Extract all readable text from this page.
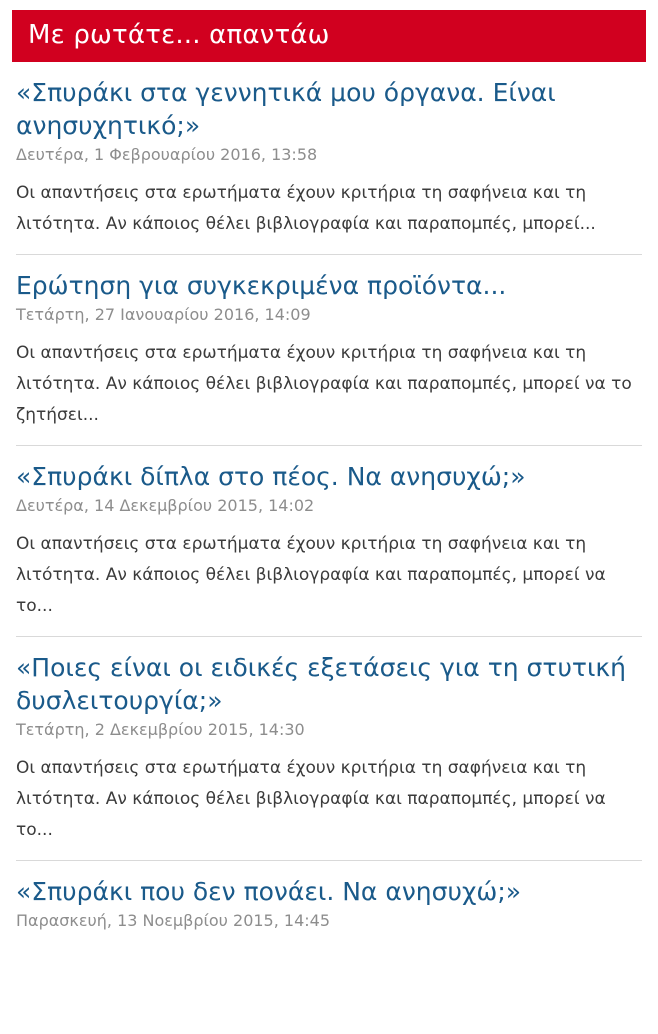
Με ρωτάτε... απαντάω
«Σπυράκι στα γεννητικά μου όργανα. Είναι ανησυχητικό;»
Δευτέρα, 1 Φεβρουαρίου 2016, 13:58

Οι απαντήσεις στα ερωτήματα έχουν κριτήρια τη σαφήνεια και τη λιτότητα. Αν κάποιος θέλει βιβλιογραφία και παραπομπές, μπορεί...

Ερώτηση για συγκεκριμένα προϊόντα...
Τετάρτη, 27 Ιανουαρίου 2016, 14:09

Οι απαντήσεις στα ερωτήματα έχουν κριτήρια τη σαφήνεια και τη λιτότητα. Αν κάποιος θέλει βιβλιογραφία και παραπομπές, μπορεί να το ζητήσει...

«Σπυράκι δίπλα στο πέος. Να ανησυχώ;»
Δευτέρα, 14 Δεκεμβρίου 2015, 14:02

Οι απαντήσεις στα ερωτήματα έχουν κριτήρια τη σαφήνεια και τη λιτότητα. Αν κάποιος θέλει βιβλιογραφία και παραπομπές, μπορεί να το...

«Ποιες είναι οι ειδικές εξετάσεις για τη στυτική δυσλειτουργία;»
Τετάρτη, 2 Δεκεμβρίου 2015, 14:30

Οι απαντήσεις στα ερωτήματα έχουν κριτήρια τη σαφήνεια και τη λιτότητα. Αν κάποιος θέλει βιβλιογραφία και παραπομπές, μπορεί να το...

«Σπυράκι που δεν πονάει. Να ανησυχώ;»
Παρασκευή, 13 Νοεμβρίου 2015, 14:45
